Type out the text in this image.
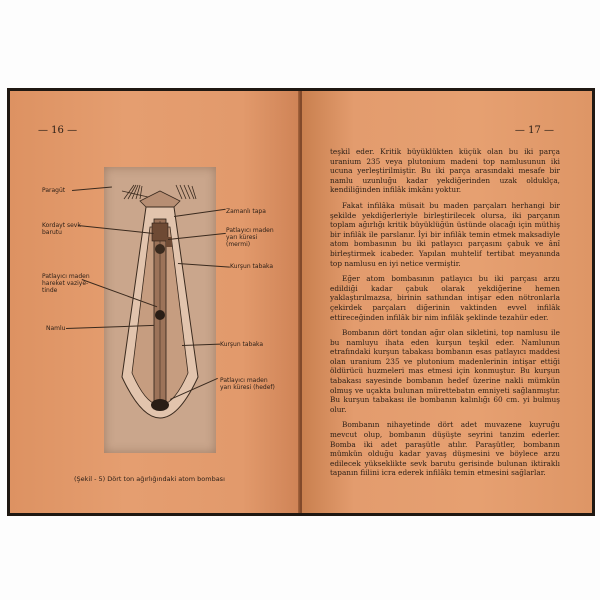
— 16 —
Paragüt
Kordayt sevk
barutu
Patlayıcı maden
hareket vaziye-
tinde
Namlu
Zamanlı tapa
Patlayıcı maden
yarı küresi
(mermi)
Kurşun tabaka
Kurşun tabaka
Patlayıcı maden
yarı küresi (hedef)
(Şekil - 5) Dört ton ağırlığındaki atom bombası
— 17 —

teşkil eder. Kritik büyüklükten küçük olan bu iki parça uranium 235 veya plutonium madeni top namlusunun iki ucuna yerleştirilmiştir. Bu iki parça arasındaki mesafe bir namlu uzunluğu kadar yekdiğerinden uzak olduklça, kendiliğinden infilâk imkânı yoktur.

Fakat infilâka müsait bu maden parçaları herhangi bir şekilde yekdiğerleriyle birleştirilecek olursa, iki parçanın toplam ağırlığı kritik büyüklüğün üstünde olacağı için müthiş bir infilâk ile parslanır. İyi bir infilâk temin etmek maksadiyle atom bombasının bu iki patlayıcı parçasını çabuk ve ânî birleştirmek icabeder. Yapılan muhtelif tertibat meyanında top namlusu en iyi netice vermiştir.

Eğer atom bombasının patlayıcı bu iki parçası arzu edildiği kadar çabuk olarak yekdiğerine hemen yaklaştırılmazsa, birinin sathından intişar eden nötronlarla çekirdek parçaları diğerinin vaktinden evvel infilâk ettireceğinden infilâk bir nim infilâk şeklinde tezahür eder.

Bombanın dört tondan ağır olan sikletini, top namlusu ile bu namluyu ihata eden kurşun teşkil eder. Namlunun etrafındaki kurşun tabakası bombanın esas patlayıcı maddesi olan uranium 235 ve plutonium madenlerinin intişar ettiği öldürücü huzmeleri mas etmesi için konmuştur. Bu kurşun tabakası sayesinde bombanın hedef üzerine nakli mümkün olmuş ve uçakta bulunan mürettebatın emniyeti sağlanmıştır. Bu kurşun tabakası ile bombanın kalınlığı 60 cm. yi bulmuş olur.

Bombanın nihayetinde dört adet muvazene kuyruğu mevcut olup, bombanın düşüşte seyrini tanzim ederler. Bomba iki adet paraşütle atılır. Paraşütler, bombanın mümkün olduğu kadar yavaş düşmesini ve böylece arzu edilecek yükseklikte sevk barutu gerisinde bulunan iktiraklı tapanın fiilini icra ederek infilâkı temin etmesini sağlarlar.
